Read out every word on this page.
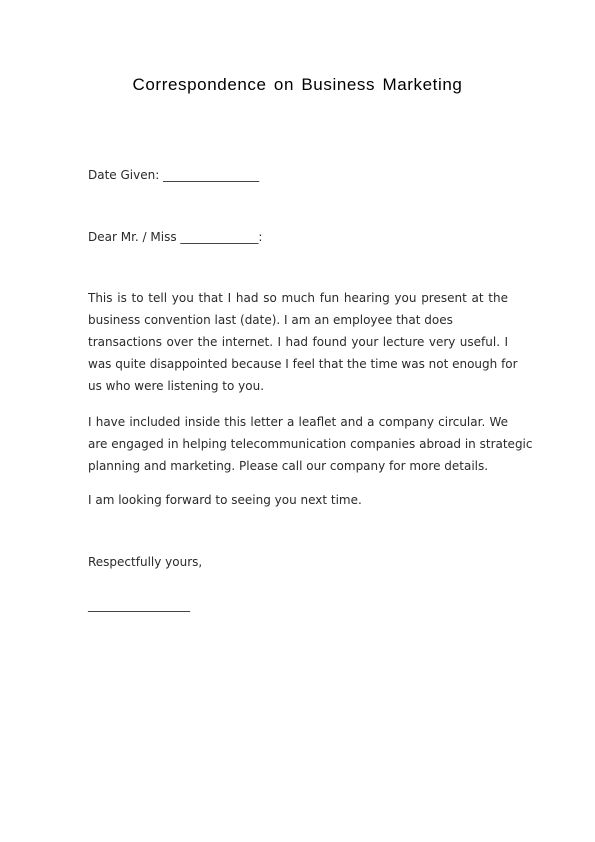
Correspondence on Business Marketing
Date Given: ________________
Dear Mr. / Miss _____________:
This is to tell you that I had so much fun hearing you present at the
business convention last (date). I am an employee that does
transactions over the internet. I had found your lecture very useful. I
was quite disappointed because I feel that the time was not enough for
us who were listening to you.
I have included inside this letter a leaflet and a company circular. We
are engaged in helping telecommunication companies abroad in strategic
planning and marketing. Please call our company for more details.
I am looking forward to seeing you next time.
Respectfully yours,
_________________
